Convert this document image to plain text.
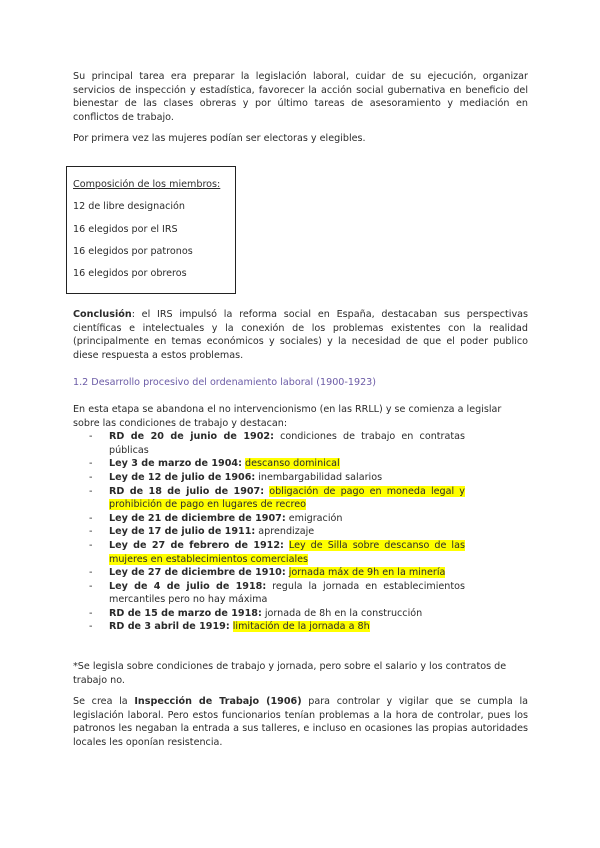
Su principal tarea era preparar la legislación laboral, cuidar de su ejecución, organizar servicios de inspección y estadística, favorecer la acción social gubernativa en beneficio del bienestar de las clases obreras y por último tareas de asesoramiento y mediación en conflictos de trabajo.

Por primera vez las mujeres podían ser electoras y elegibles.

Composición de los miembros:
12 de libre designación
16 elegidos por el IRS
16 elegidos por patronos
16 elegidos por obreros

Conclusión: el IRS impulsó la reforma social en España, destacaban sus perspectivas científicas e intelectuales y la conexión de los problemas existentes con la realidad (principalmente en temas económicos y sociales) y la necesidad de que el poder publico diese respuesta a estos problemas.

1.2 Desarrollo procesivo del ordenamiento laboral (1900-1923)

En esta etapa se abandona el no intervencionismo (en las RRLL) y se comienza a legislar sobre las condiciones de trabajo y destacan:

- RD de 20 de junio de 1902: condiciones de trabajo en contratas públicas
- Ley 3 de marzo de 1904: descanso dominical
- Ley de 12 de julio de 1906: inembargabilidad salarios
- RD de 18 de julio de 1907: obligación de pago en moneda legal y prohibición de pago en lugares de recreo
- Ley de 21 de diciembre de 1907: emigración
- Ley de 17 de julio de 1911: aprendizaje
- Ley de 27 de febrero de 1912: Ley de Silla sobre descanso de las mujeres en establecimientos comerciales
- Ley de 27 de diciembre de 1910: jornada máx de 9h en la minería
- Ley de 4 de julio de 1918: regula la jornada en establecimientos mercantiles pero no hay máxima
- RD de 15 de marzo de 1918: jornada de 8h en la construcción
- RD de 3 abril de 1919: limitación de la jornada a 8h

*Se legisla sobre condiciones de trabajo y jornada, pero sobre el salario y los contratos de trabajo no.

Se crea la Inspección de Trabajo (1906) para controlar y vigilar que se cumpla la legislación laboral. Pero estos funcionarios tenían problemas a la hora de controlar, pues los patronos les negaban la entrada a sus talleres, e incluso en ocasiones las propias autoridades locales les oponían resistencia.
